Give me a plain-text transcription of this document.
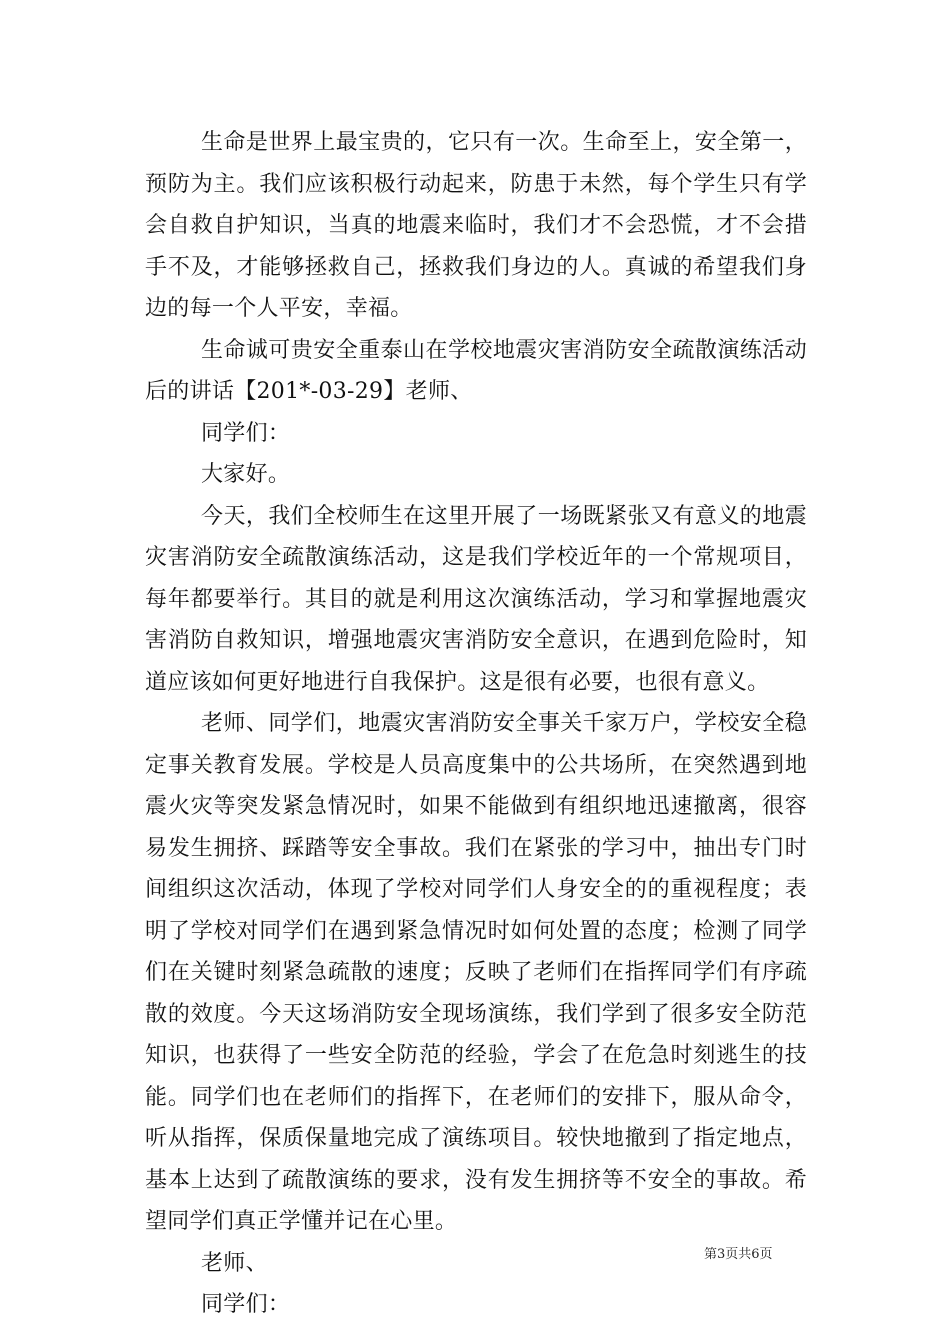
生命是世界上最宝贵的，它只有一次。生命至上，安全第一，预防为主。我们应该积极行动起来，防患于未然，每个学生只有学会自救自护知识，当真的地震来临时，我们才不会恐慌，才不会措手不及，才能够拯救自己，拯救我们身边的人。真诚的希望我们身边的每一个人平安，幸福。

生命诚可贵安全重泰山在学校地震灾害消防安全疏散演练活动后的讲话【201*-03-29】老师、

同学们：

大家好。

今天，我们全校师生在这里开展了一场既紧张又有意义的地震灾害消防安全疏散演练活动，这是我们学校近年的一个常规项目，每年都要举行。其目的就是利用这次演练活动，学习和掌握地震灾害消防自救知识，增强地震灾害消防安全意识，在遇到危险时，知道应该如何更好地进行自我保护。这是很有必要，也很有意义。

老师、同学们，地震灾害消防安全事关千家万户，学校安全稳定事关教育发展。学校是人员高度集中的公共场所，在突然遇到地震火灾等突发紧急情况时，如果不能做到有组织地迅速撤离，很容易发生拥挤、踩踏等安全事故。我们在紧张的学习中，抽出专门时间组织这次活动，体现了学校对同学们人身安全的的重视程度；表明了学校对同学们在遇到紧急情况时如何处置的态度；检测了同学们在关键时刻紧急疏散的速度；反映了老师们在指挥同学们有序疏散的效度。今天这场消防安全现场演练，我们学到了很多安全防范知识，也获得了一些安全防范的经验，学会了在危急时刻逃生的技能。同学们也在老师们的指挥下，在老师们的安排下，服从命令，听从指挥，保质保量地完成了演练项目。较快地撤到了指定地点，基本上达到了疏散演练的要求，没有发生拥挤等不安全的事故。希望同学们真正学懂并记在心里。

老师、

同学们：

第3页共6页
